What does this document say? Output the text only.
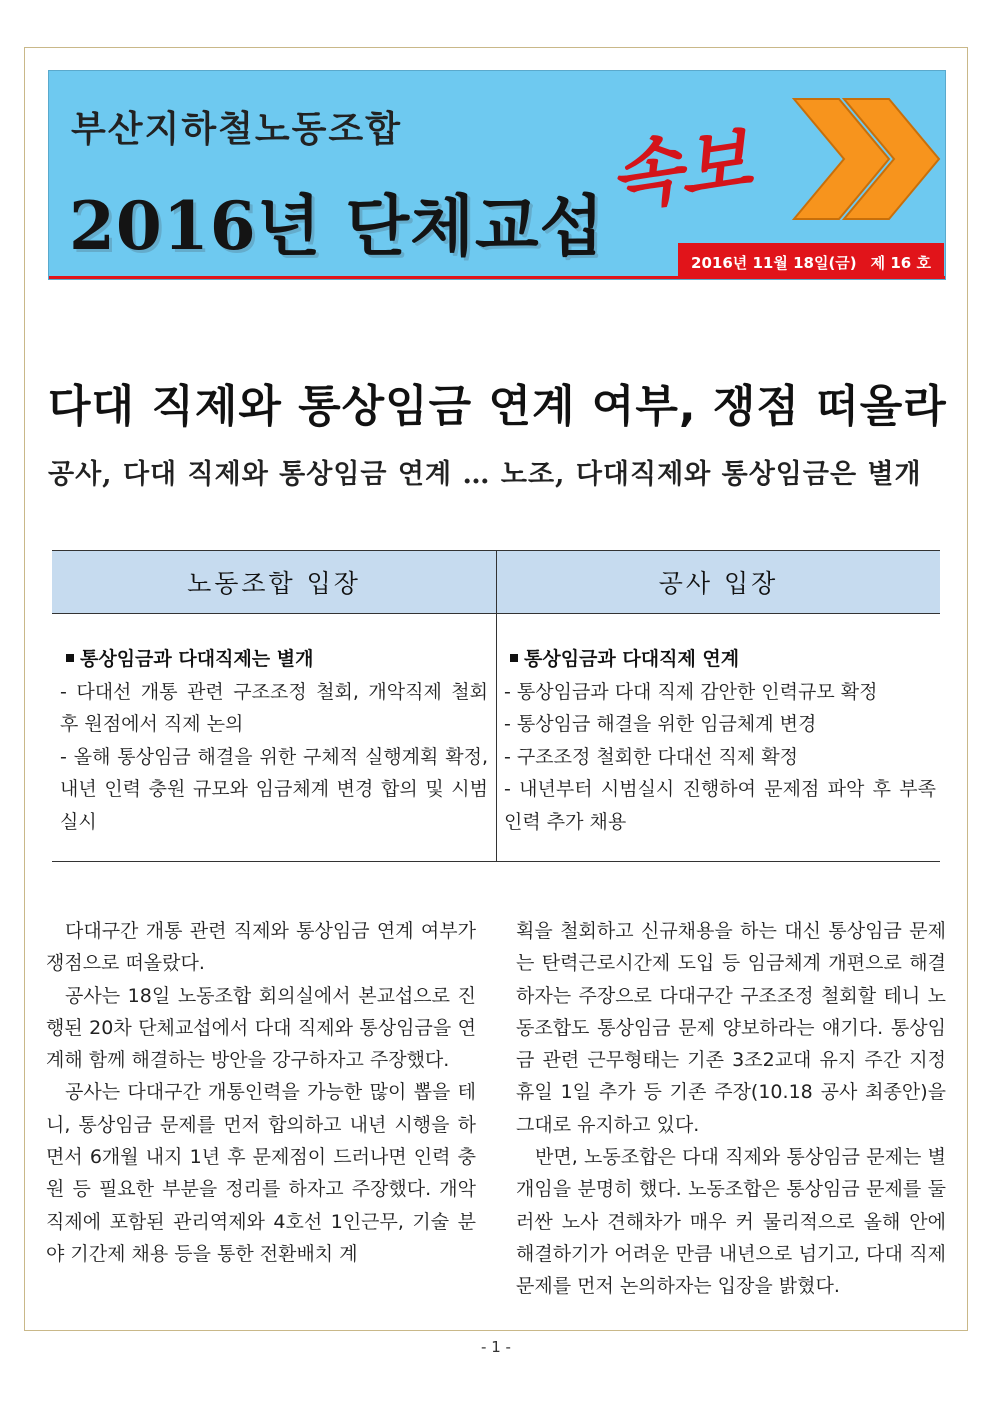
부산지하철노동조합
2016년 단체교섭
속보
2016년 11월 18일(금) 제 16 호
다대 직제와 통상임금 연계 여부, 쟁점 떠올라
공사, 다대 직제와 통상임금 연계 … 노조, 다대직제와 통상임금은 별개
노동조합 입장	공사 입장
통상임금과 다대직제는 별개

- 다대선 개통 관련 구조조정 철회, 개악직제 철회 후 원점에서 직제 논의

- 올해 통상임금 해결을 위한 구체적 실행계획 확정, 내년 인력 충원 규모와 임금체계 변경 합의 및 시범실시

통상임금과 다대직제 연계

- 통상임금과 다대 직제 감안한 인력규모 확정

- 통상임금 해결을 위한 임금체계 변경

- 구조조정 철회한 다대선 직제 확정

- 내년부터 시범실시 진행하여 문제점 파악 후 부족 인력 추가 채용

다대구간 개통 관련 직제와 통상임금 연계 여부가 쟁점으로 떠올랐다.

공사는 18일 노동조합 회의실에서 본교섭으로 진행된 20차 단체교섭에서 다대 직제와 통상임금을 연계해 함께 해결하는 방안을 강구하자고 주장했다.

공사는 다대구간 개통인력을 가능한 많이 뽑을 테니, 통상임금 문제를 먼저 합의하고 내년 시행을 하면서 6개월 내지 1년 후 문제점이 드러나면 인력 충원 등 필요한 부분을 정리를 하자고 주장했다. 개악 직제에 포함된 관리역제와 4호선 1인근무, 기술 분야 기간제 채용 등을 통한 전환배치 계

획을 철회하고 신규채용을 하는 대신 통상임금 문제는 탄력근로시간제 도입 등 임금체계 개편으로 해결하자는 주장으로 다대구간 구조조정 철회할 테니 노동조합도 통상임금 문제 양보하라는 얘기다. 통상임금 관련 근무형태는 기존 3조2교대 유지 주간 지정휴일 1일 추가 등 기존 주장(10.18 공사 최종안)을 그대로 유지하고 있다.

반면, 노동조합은 다대 직제와 통상임금 문제는 별개임을 분명히 했다. 노동조합은 통상임금 문제를 둘러싼 노사 견해차가 매우 커 물리적으로 올해 안에 해결하기가 어려운 만큼 내년으로 넘기고, 다대 직제 문제를 먼저 논의하자는 입장을 밝혔다.

- 1 -
